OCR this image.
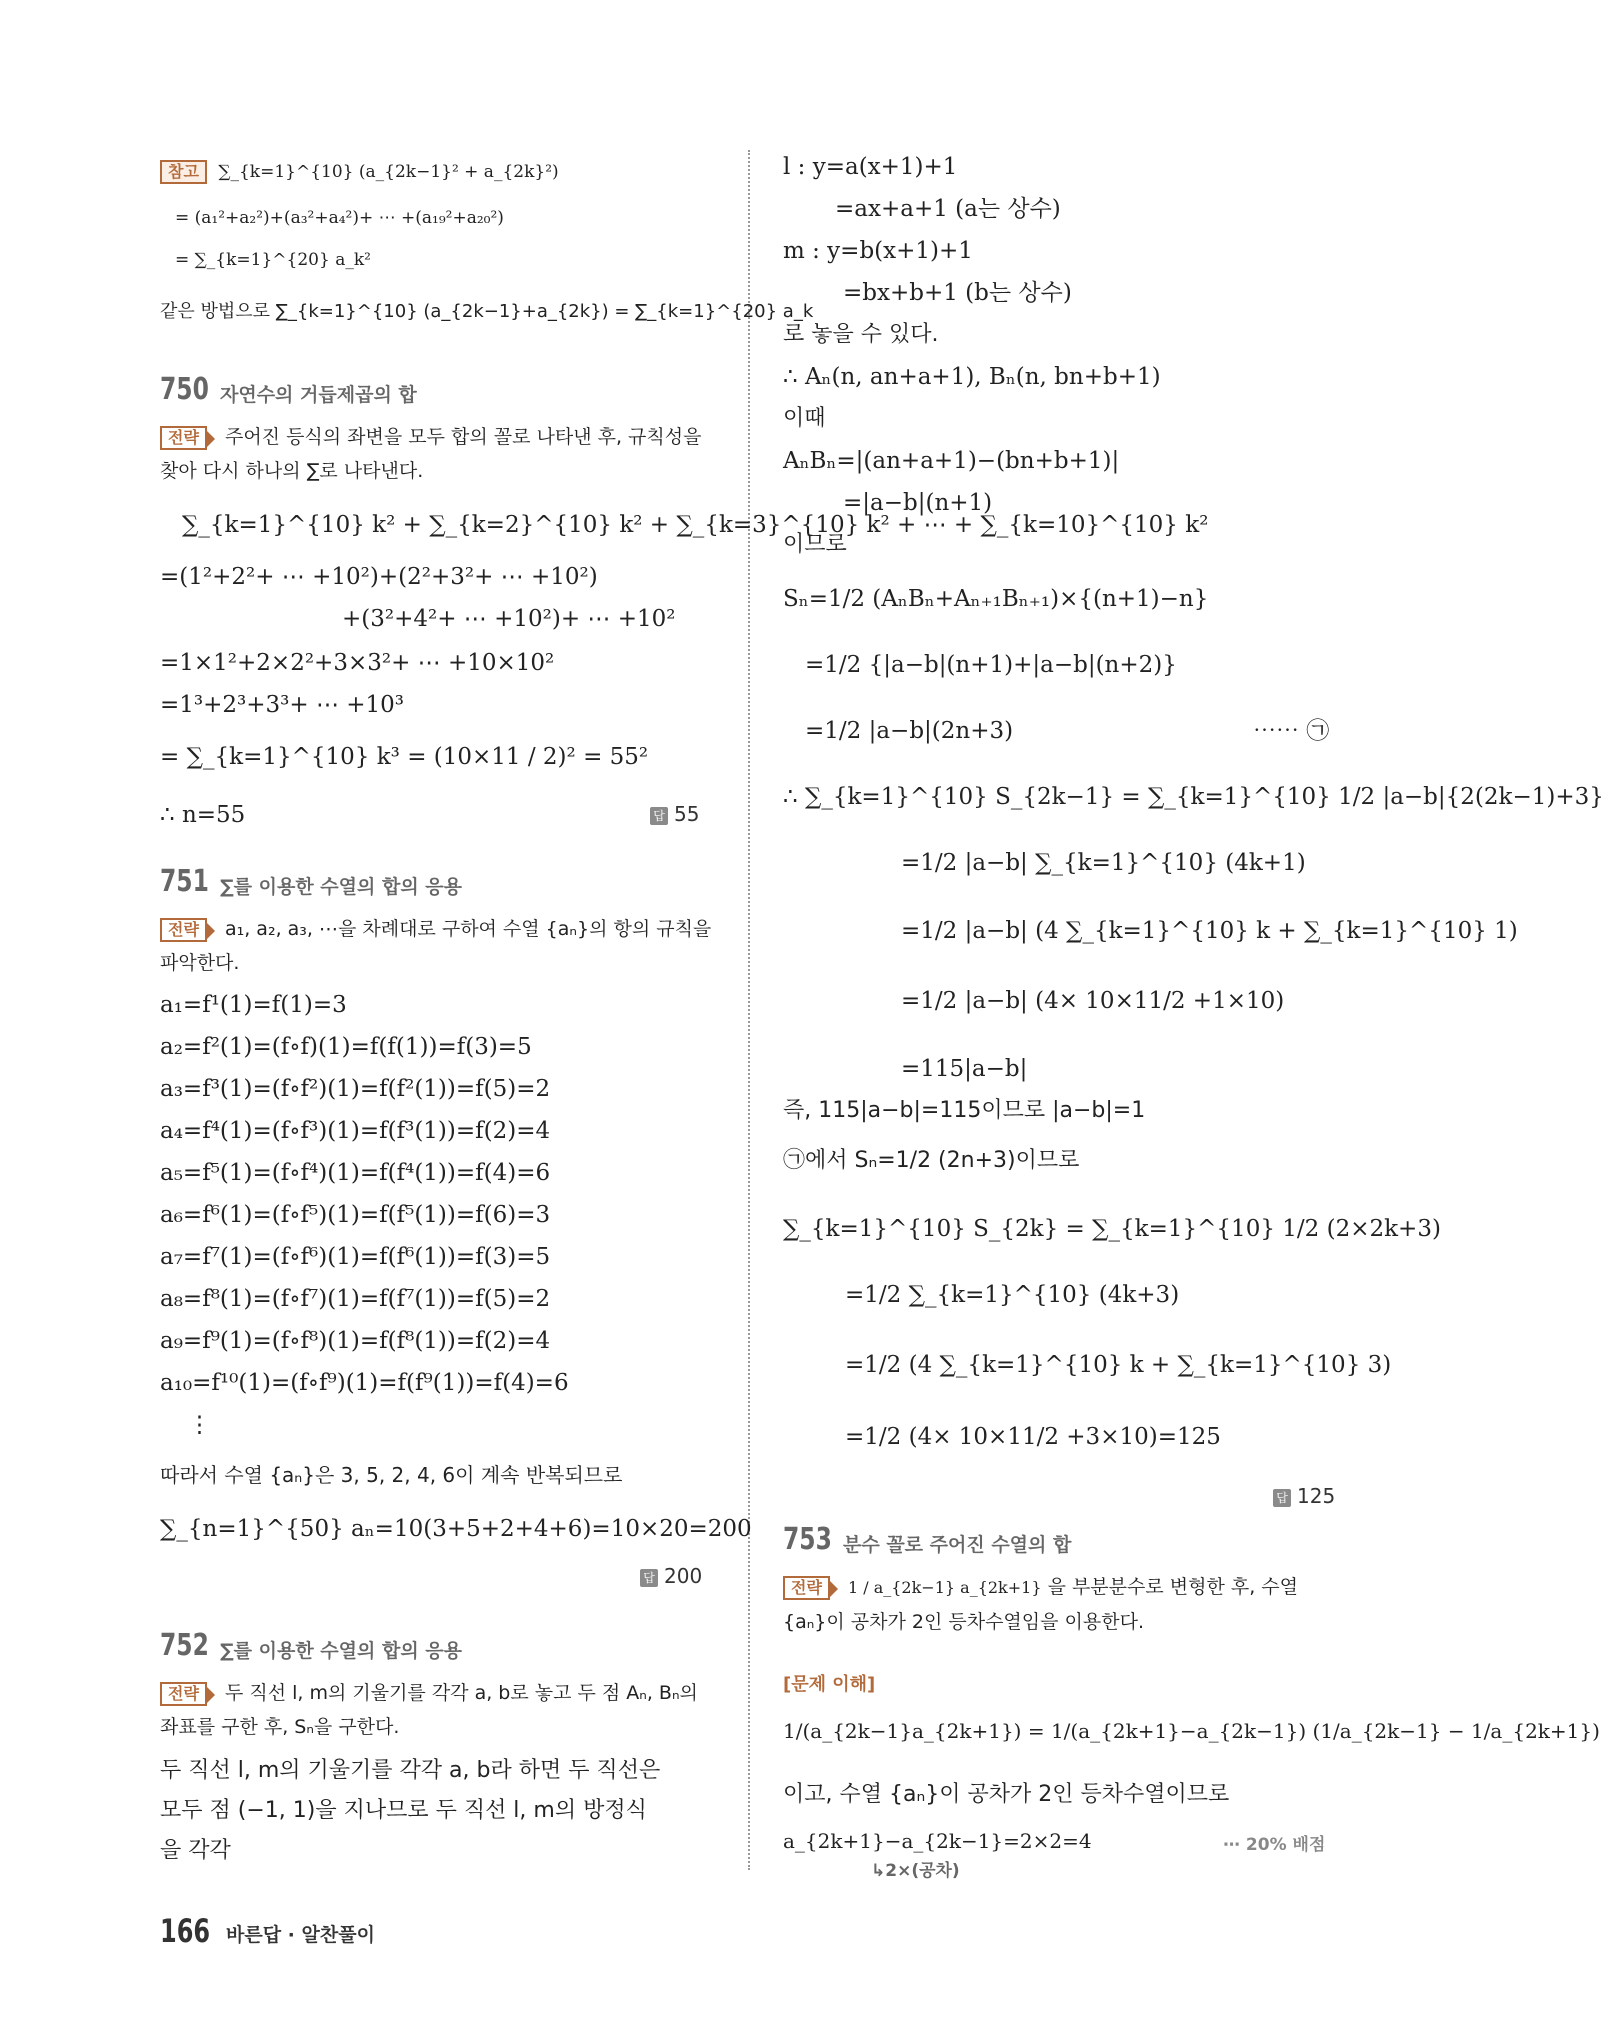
참고 ∑_{k=1}^{10} (a_{2k−1}² + a_{2k}²)
= (a₁²+a₂²)+(a₃²+a₄²)+ ⋯ +(a₁₉²+a₂₀²)
= ∑_{k=1}^{20} a_k²
같은 방법으로 ∑_{k=1}^{10} (a_{2k−1}+a_{2k}) = ∑_{k=1}^{20} a_k
750 자연수의 거듭제곱의 합
전략 주어진 등식의 좌변을 모두 합의 꼴로 나타낸 후, 규칙성을 찾아 다시 하나의 ∑로 나타낸다.
∑_{k=1}^{10} k² + ∑_{k=2}^{10} k² + ∑_{k=3}^{10} k² + ⋯ + ∑_{k=10}^{10} k²
=(1²+2²+ ⋯ +10²)+(2²+3²+ ⋯ +10²)
+(3²+4²+ ⋯ +10²)+ ⋯ +10²
=1×1²+2×2²+3×3²+ ⋯ +10×10²
=1³+2³+3³+ ⋯ +10³
= ∑_{k=1}^{10} k³ = (10×11 / 2)² = 55²
∴ n=55	답 55
751 ∑를 이용한 수열의 합의 응용
전략 a₁, a₂, a₃, ⋯을 차례대로 구하여 수열 {aₙ}의 항의 규칙을 파악한다.
a₁=f¹(1)=f(1)=3
a₂=f²(1)=(f∘f)(1)=f(f(1))=f(3)=5
a₃=f³(1)=(f∘f²)(1)=f(f²(1))=f(5)=2
a₄=f⁴(1)=(f∘f³)(1)=f(f³(1))=f(2)=4
a₅=f⁵(1)=(f∘f⁴)(1)=f(f⁴(1))=f(4)=6
a₆=f⁶(1)=(f∘f⁵)(1)=f(f⁵(1))=f(6)=3
a₇=f⁷(1)=(f∘f⁶)(1)=f(f⁶(1))=f(3)=5
a₈=f⁸(1)=(f∘f⁷)(1)=f(f⁷(1))=f(5)=2
a₉=f⁹(1)=(f∘f⁸)(1)=f(f⁸(1))=f(2)=4
a₁₀=f¹⁰(1)=(f∘f⁹)(1)=f(f⁹(1))=f(4)=6
⋮
따라서 수열 {aₙ}은 3, 5, 2, 4, 6이 계속 반복되므로
∑_{n=1}^{50} aₙ=10(3+5+2+4+6)=10×20=200
답 200
752 ∑를 이용한 수열의 합의 응용
전략 두 직선 l, m의 기울기를 각각 a, b로 놓고 두 점 Aₙ, Bₙ의 좌표를 구한 후, Sₙ을 구한다.
두 직선 l, m의 기울기를 각각 a, b라 하면 두 직선은
모두 점 (−1, 1)을 지나므로 두 직선 l, m의 방정식
을 각각
l : y=a(x+1)+1
=ax+a+1 (a는 상수)
m : y=b(x+1)+1
=bx+b+1 (b는 상수)
로 놓을 수 있다.
∴ Aₙ(n, an+a+1), Bₙ(n, bn+b+1)
이때
AₙBₙ=|(an+a+1)−(bn+b+1)|
=|a−b|(n+1)
이므로
Sₙ=1/2 (AₙBₙ+Aₙ₊₁Bₙ₊₁)×{(n+1)−n}
=1/2 {|a−b|(n+1)+|a−b|(n+2)}
=1/2 |a−b|(2n+3)	⋯⋯ ㉠
∴ ∑_{k=1}^{10} S_{2k−1} = ∑_{k=1}^{10} 1/2 |a−b|{2(2k−1)+3}
=1/2 |a−b| ∑_{k=1}^{10} (4k+1)
=1/2 |a−b| (4 ∑_{k=1}^{10} k + ∑_{k=1}^{10} 1)
=1/2 |a−b| (4× 10×11/2 +1×10)
=115|a−b|
즉, 115|a−b|=115이므로 |a−b|=1
㉠에서 Sₙ=1/2 (2n+3)이므로
∑_{k=1}^{10} S_{2k} = ∑_{k=1}^{10} 1/2 (2×2k+3)
=1/2 ∑_{k=1}^{10} (4k+3)
=1/2 (4 ∑_{k=1}^{10} k + ∑_{k=1}^{10} 3)
=1/2 (4× 10×11/2 +3×10)=125
답 125
753 분수 꼴로 주어진 수열의 합
전략 1 / a_{2k−1} a_{2k+1} 을 부분분수로 변형한 후, 수열 {aₙ}이 공차가 2인 등차수열임을 이용한다.
[문제 이해]
1/(a_{2k−1}a_{2k+1}) = 1/(a_{2k+1}−a_{2k−1}) (1/a_{2k−1} − 1/a_{2k+1})
이고, 수열 {aₙ}이 공차가 2인 등차수열이므로
a_{2k+1}−a_{2k−1}=2×2=4	⋯ 20% 배점
↳2×(공차)
166 바른답 · 알찬풀이
